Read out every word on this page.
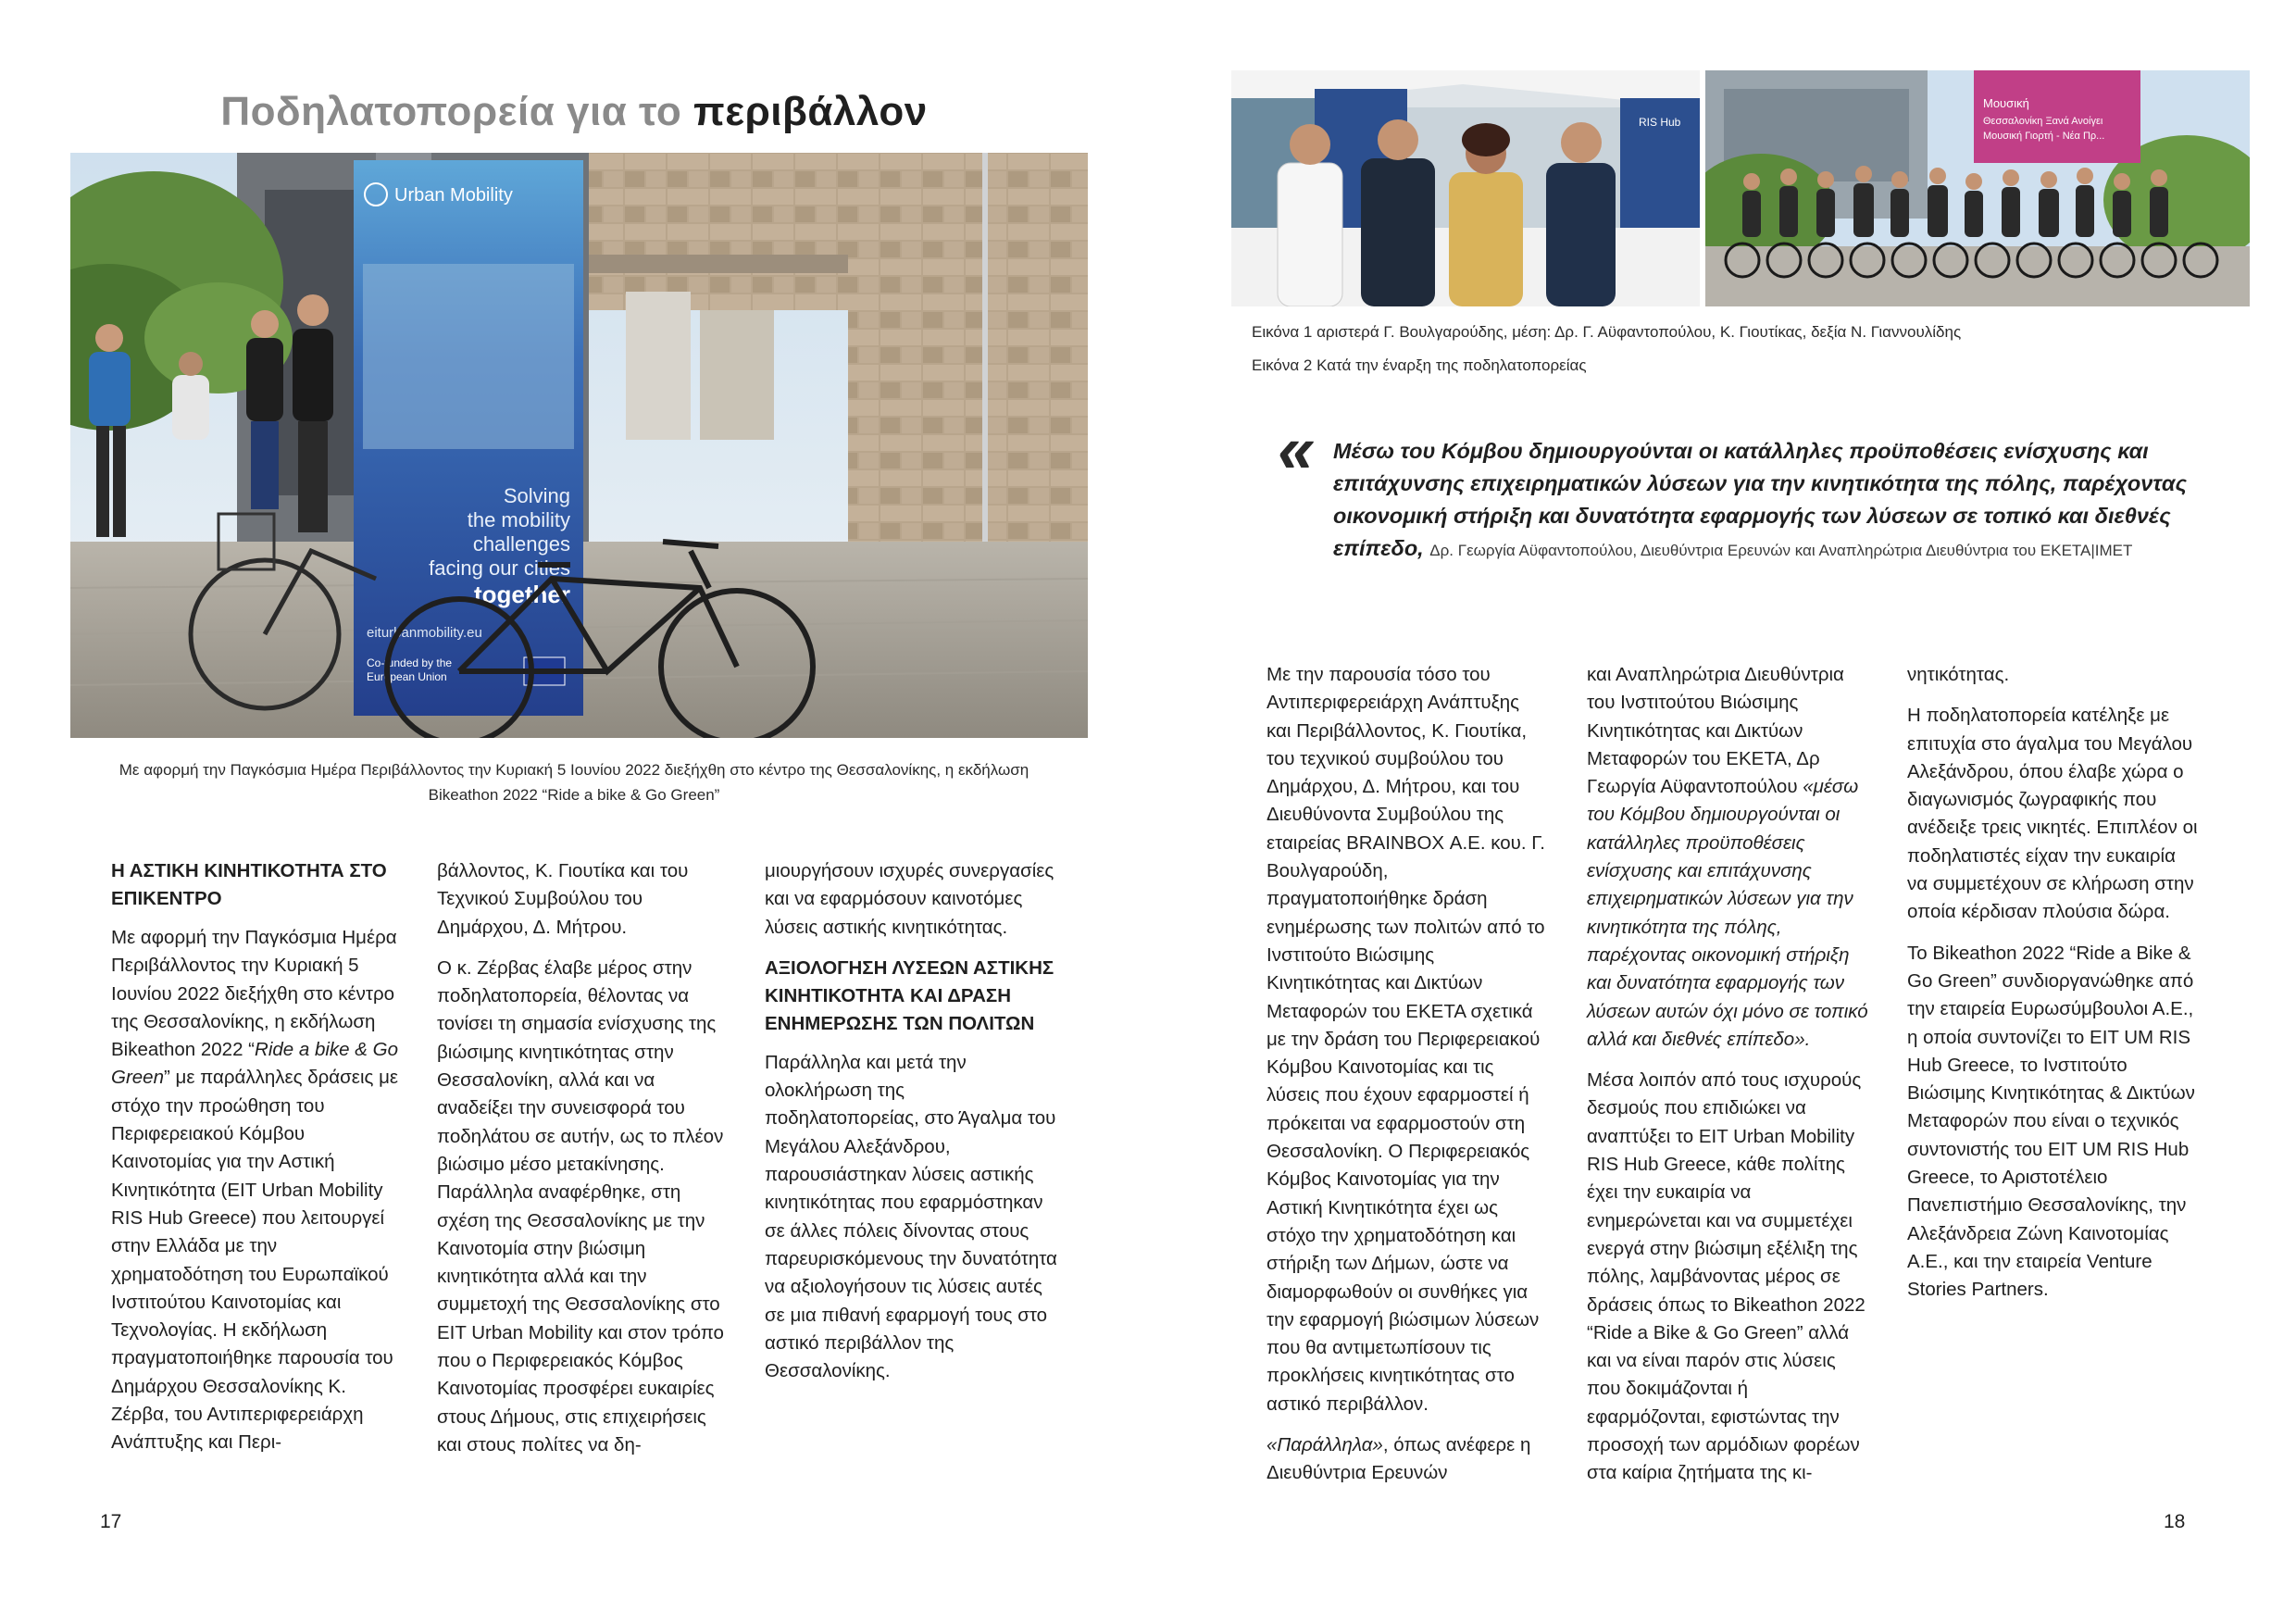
Ποδηλατοπορεία για το περιβάλλον
Urban Mobility
Solving
the mobility
challenges
facing our cities
together
eiturbanmobility.eu
Co-funded by the
European Union
Με αφορμή την Παγκόσμια Ημέρα Περιβάλλοντος την Κυριακή 5 Ιουνίου 2022 διεξήχθη στο κέντρο της Θεσσαλονίκης, η εκδήλωση Bikeathon 2022 “Ride a bike & Go Green”
Η ΑΣΤΙΚΗ ΚΙΝΗΤΙΚΟΤΗΤΑ ΣΤΟ ΕΠΙΚΕΝΤΡΟ

Με αφορμή την Παγκόσμια Ημέρα Περιβάλλοντος την Κυριακή 5 Ιουνίου 2022 διεξήχθη στο κέντρο της Θεσσαλονίκης, η εκδήλωση Bikeathon 2022 “Ride a bike & Go Green” με παράλληλες δράσεις με στόχο την προώθηση του Περιφερειακού Κόμβου Καινοτομίας για την Αστική Κινητικότητα (EIT Urban Mobility RIS Hub Greece) που λειτουργεί στην Ελλάδα με την χρηματοδότηση του Ευρωπαϊκού Ινστιτούτου Καινοτομίας και Τεχνολογίας. Η εκδήλωση πραγματοποιήθηκε παρουσία του Δημάρχου Θεσσαλονίκης Κ. Ζέρβα, του Αντιπεριφερειάρχη Ανάπτυξης και Περι-

βάλλοντος, Κ. Γιουτίκα και του Τεχνικού Συμβούλου του Δημάρχου, Δ. Μήτρου.

Ο κ. Ζέρβας έλαβε μέρος στην ποδηλατοπορεία, θέλοντας να τονίσει τη σημασία ενίσχυσης της βιώσιμης κινητικότητας στην Θεσσαλονίκη, αλλά και να αναδείξει την συνεισφορά του ποδηλάτου σε αυτήν, ως το πλέον βιώσιμο μέσο μετακίνησης. Παράλληλα αναφέρθηκε, στη σχέση της Θεσσαλονίκης με την Καινοτομία στην βιώσιμη κινητικότητα αλλά και την συμμετοχή της Θεσσαλονίκης στο EIT Urban Mobility και στον τρόπο που ο Περιφερειακός Κόμβος Καινοτομίας προσφέρει ευκαιρίες στους Δήμους, στις επιχειρήσεις και στους πολίτες να δη-

μιουργήσουν ισχυρές συνεργασίες και να εφαρμόσουν καινοτόμες λύσεις αστικής κινητικότητας.

ΑΞΙΟΛΟΓΗΣΗ ΛΥΣΕΩΝ ΑΣΤΙΚΗΣ ΚΙΝΗΤΙΚΟΤΗΤΑ ΚΑΙ ΔΡΑΣΗ ΕΝΗΜΕΡΩΣΗΣ ΤΩΝ ΠΟΛΙΤΩΝ

Παράλληλα και μετά την ολοκλήρωση της ποδηλατοπορείας, στο Άγαλμα του Μεγάλου Αλεξάνδρου, παρουσιάστηκαν λύσεις αστικής κινητικότητας που εφαρμόστηκαν σε άλλες πόλεις δίνοντας στους παρευρισκόμενους την δυνατότητα να αξιολογήσουν τις λύσεις αυτές σε μια πιθανή εφαρμογή τους στο αστικό περιβάλλον της Θεσσαλονίκης.

17
RIS Hub
Μουσική
Θεσσαλονίκη Ξανά Ανοίγει
Μουσική Γιορτή - Νέα Πρ...
Εικόνα 1 αριστερά Γ. Βουλγαρούδης, μέση: Δρ. Γ. Αϋφαντοπούλου, Κ. Γιουτίκας, δεξία Ν. Γιαννουλίδης
Εικόνα 2 Κατά την έναρξη της ποδηλατοπορείας
« Μέσω του Κόμβου δημιουργούνται οι κατάλληλες προϋποθέσεις ενίσχυσης και επιτάχυνσης επιχειρηματικών λύσεων για την κινητικότητα της πόλης, παρέχοντας οικονομική στήριξη και δυνατότητα εφαρμογής των λύσεων σε τοπικό και διεθνές επίπεδο, Δρ. Γεωργία Αϋφαντοπούλου, Διευθύντρια Ερευνών και Αναπληρώτρια Διευθύντρια του ΕΚΕΤΑ|ΙΜΕΤ

Με την παρουσία τόσο του Αντιπεριφερειάρχη Ανάπτυξης και Περιβάλλοντος, Κ. Γιουτίκα, του τεχνικού συμβούλου του Δημάρχου, Δ. Μήτρου, και του Διευθύνοντα Συμβούλου της εταιρείας BRAINBOX Α.Ε. κου. Γ. Βουλγαρούδη, πραγματοποιήθηκε δράση ενημέρωσης των πολιτών από το Ινστιτούτο Βιώσιμης Κινητικότητας και Δικτύων Μεταφορών του ΕΚΕΤΑ σχετικά με την δράση του Περιφερειακού Κόμβου Καινοτομίας και τις λύσεις που έχουν εφαρμοστεί ή πρόκειται να εφαρμοστούν στη Θεσσαλονίκη. Ο Περιφερειακός Κόμβος Καινοτομίας για την Αστική Κινητικότητα έχει ως στόχο την χρηματοδότηση και στήριξη των Δήμων, ώστε να διαμορφωθούν οι συνθήκες για την εφαρμογή βιώσιμων λύσεων που θα αντιμετωπίσουν τις προκλήσεις κινητικότητας στο αστικό περιβάλλον.

«Παράλληλα», όπως ανέφερε η Διευθύντρια Ερευνών

και Αναπληρώτρια Διευθύντρια του Ινστιτούτου Βιώσιμης Κινητικότητας και Δικτύων Μεταφορών του ΕΚΕΤΑ, Δρ Γεωργία Αϋφαντοπούλου «μέσω του Κόμβου δημιουργούνται οι κατάλληλες προϋποθέσεις ενίσχυσης και επιτάχυνσης επιχειρηματικών λύσεων για την κινητικότητα της πόλης, παρέχοντας οικονομική στήριξη και δυνατότητα εφαρμογής των λύσεων αυτών όχι μόνο σε τοπικό αλλά και διεθνές επίπεδο».

Μέσα λοιπόν από τους ισχυρούς δεσμούς που επιδιώκει να αναπτύξει το EIT Urban Mobility RIS Hub Greece, κάθε πολίτης έχει την ευκαιρία να ενημερώνεται και να συμμετέχει ενεργά στην βιώσιμη εξέλιξη της πόλης, λαμβάνοντας μέρος σε δράσεις όπως το Bikeathon 2022 “Ride a Bike & Go Green” αλλά και να είναι παρόν στις λύσεις που δοκιμάζονται ή εφαρμόζονται, εφιστώντας την προσοχή των αρμόδιων φορέων στα καίρια ζητήματα της κι-

νητικότητας.

Η ποδηλατοπορεία κατέληξε με επιτυχία στο άγαλμα του Μεγάλου Αλεξάνδρου, όπου έλαβε χώρα ο διαγωνισμός ζωγραφικής που ανέδειξε τρεις νικητές. Επιπλέον οι ποδηλατιστές είχαν την ευκαιρία να συμμετέχουν σε κλήρωση στην οποία κέρδισαν πλούσια δώρα.

Το Bikeathon 2022 “Ride a Bike & Go Green” συνδιοργανώθηκε από την εταιρεία Ευρωσύμβουλοι Α.Ε., η οποία συντονίζει το EIT UM RIS Hub Greece, το Ινστιτούτο Βιώσιμης Κινητικότητας & Δικτύων Μεταφορών που είναι ο τεχνικός συντονιστής του EIT UM RIS Hub Greece, το Αριστοτέλειο Πανεπιστήμιο Θεσσαλονίκης, την Αλεξάνδρεια Ζώνη Καινοτομίας Α.Ε., και την εταιρεία Venture Stories Partners.

18
